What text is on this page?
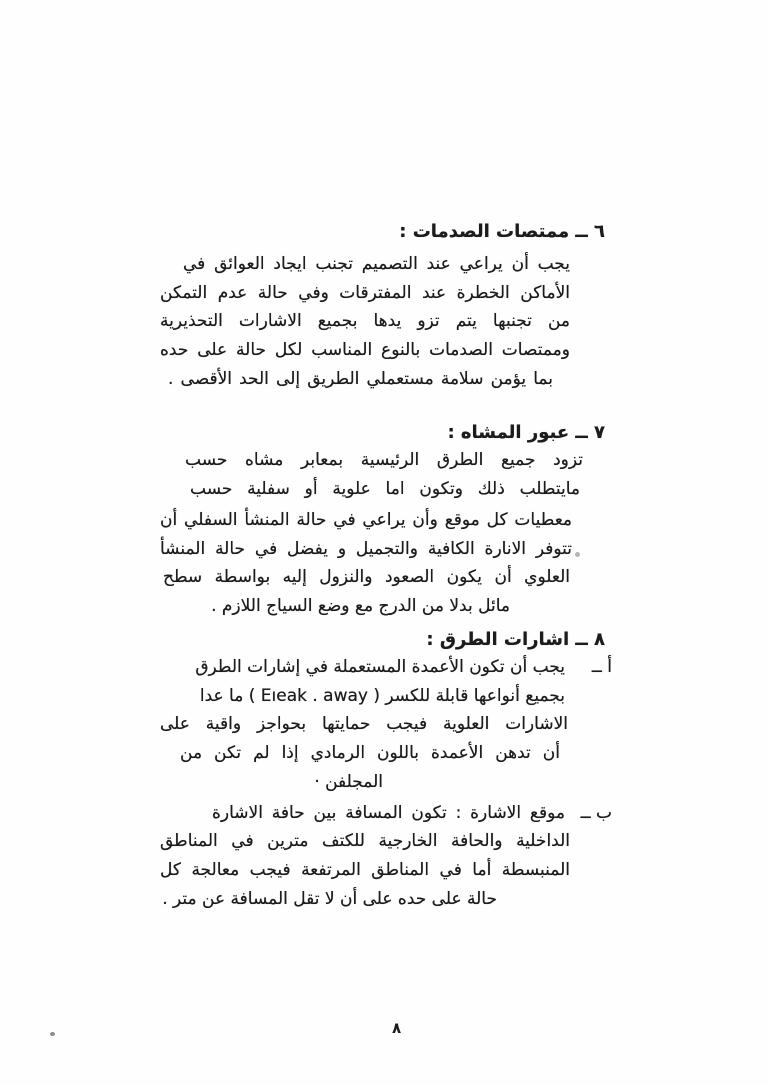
٦ ــ ممتصات الصدمات :
يجب أن يراعي عند التصميم تجنب ايجاد العوائق في
الأماكن الخطرة عند المفترقات وفي حالة عدم التمكن
من تجنبها يتم تزو يدها بجميع الاشارات التحذيرية
وممتصات الصدمات بالنوع المناسب لكل حالة على حده
بما يؤمن سلامة مستعملي الطريق إلى الحد الأقصى .
٧ ــ عبور المشاه :
تزود جميع الطرق الرئيسية بمعابر مشاه حسب
مايتطلب ذلك وتكون اما علوية أو سفلية حسب
معطيات كل موقع وأن يراعي في حالة المنشأ السفلي أن
تتوفر الانارة الكافية والتجميل و يفضل في حالة المنشأ
العلوي أن يكون الصعود والنزول إليه بواسطة سطح
مائل بدلا من الدرج مع وضع السياج اللازم .
٨ ــ اشارات الطرق :
أ ــ
يجب أن تكون الأعمدة المستعملة في إشارات الطرق
بجميع أنواعها قابلة للكسر ( Eıeak . away ) ما عدا
الاشارات العلوية فيجب حمايتها بحواجز واقية على
أن تدهن الأعمدة باللون الرمادي إذا لم تكن من
المجلفن ·
ب ــ
موقع الاشارة : تكون المسافة بين حافة الاشارة
الداخلية والحافة الخارجية للكتف مترين في المناطق
المنبسطة أما في المناطق المرتفعة فيجب معالجة كل
حالة على حده على أن لا تقل المسافة عن متر .
٨
